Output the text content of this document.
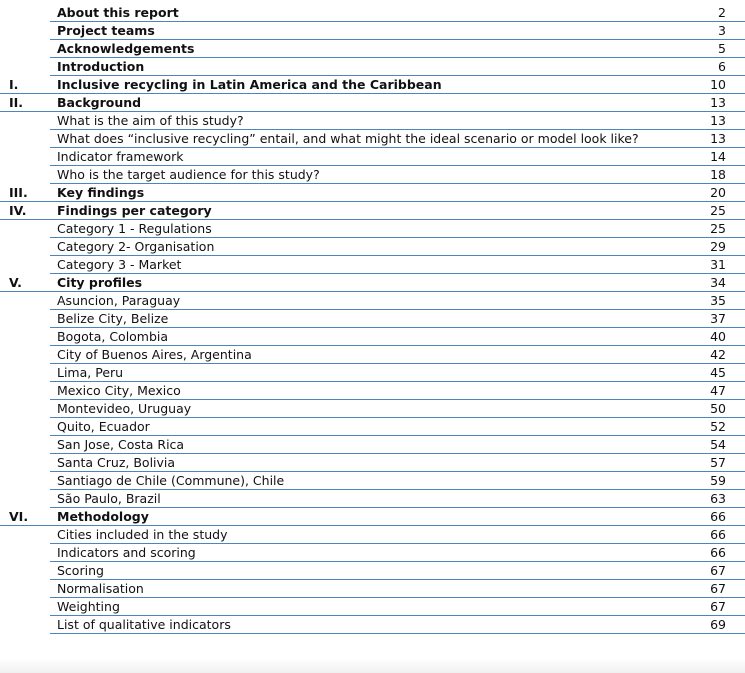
About this report	2
Project teams	3
Acknowledgements	5
Introduction	6
I.	Inclusive recycling in Latin America and the Caribbean	10
II.	Background	13
What is the aim of this study?	13
What does “inclusive recycling” entail, and what might the ideal scenario or model look like?	13
Indicator framework	14
Who is the target audience for this study?	18
III. Key findings	20
IV. Findings per category	25
Category 1 - Regulations	25
Category 2- Organisation	29
Category 3 - Market	31
V.	City profiles	34
Asuncion, Paraguay	35
Belize City, Belize	37
Bogota, Colombia	40
City of Buenos Aires, Argentina	42
Lima, Peru	45
Mexico City, Mexico	47
Montevideo, Uruguay	50
Quito, Ecuador	52
San Jose, Costa Rica	54
Santa Cruz, Bolivia	57
Santiago de Chile (Commune), Chile	59
São Paulo, Brazil	63
VI. Methodology	66
Cities included in the study	66
Indicators and scoring	66
Scoring	67
Normalisation	67
Weighting	67
List of qualitative indicators	69
